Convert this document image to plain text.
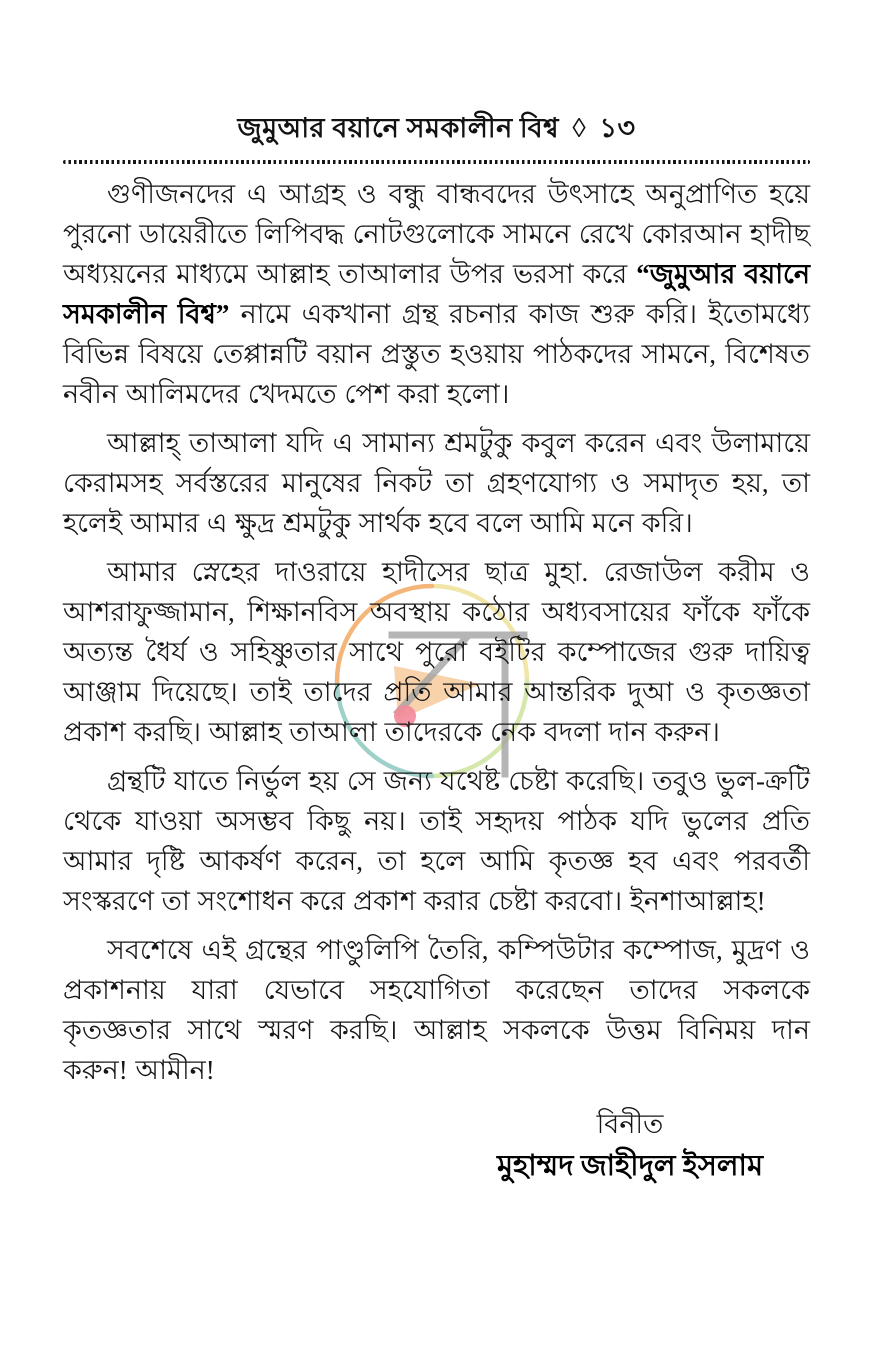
জুমুআর বয়ানে সমকালীন বিশ্ব ◊ ১৩

গুণীজনদের এ আগ্রহ ও বন্ধু বান্ধবদের উৎসাহে অনুপ্রাণিত হয়ে পুরনো ডায়েরীতে লিপিবদ্ধ নোটগুলোকে সামনে রেখে কোরআন হাদীছ অধ্যয়নের মাধ্যমে আল্লাহ তাআলার উপর ভরসা করে “জুমুআর বয়ানে সমকালীন বিশ্ব” নামে একখানা গ্রন্থ রচনার কাজ শুরু করি। ইতোমধ্যে বিভিন্ন বিষয়ে তেপ্পান্নটি বয়ান প্রস্তুত হওয়ায় পাঠকদের সামনে, বিশেষত নবীন আলিমদের খেদমতে পেশ করা হলো।

আল্লাহ্ তাআলা যদি এ সামান্য শ্রমটুকু কবুল করেন এবং উলামায়ে কেরামসহ সর্বস্তরের মানুষের নিকট তা গ্রহণযোগ্য ও সমাদৃত হয়, তা হলেই আমার এ ক্ষুদ্র শ্রমটুকু সার্থক হবে বলে আমি মনে করি।

আমার স্নেহের দাওরায়ে হাদীসের ছাত্র মুহা. রেজাউল করীম ও আশরাফুজ্জামান, শিক্ষানবিস অবস্থায় কঠোর অধ্যবসায়ের ফাঁকে ফাঁকে অত্যন্ত ধৈর্য ও সহিষ্ণুতার সাথে পুরো বইটির কম্পোজের গুরু দায়িত্ব আঞ্জাম দিয়েছে। তাই তাদের প্রতি আমার আন্তরিক দুআ ও কৃতজ্ঞতা প্রকাশ করছি। আল্লাহ তাআলা তাদেরকে নেক বদলা দান করুন।

গ্রন্থটি যাতে নির্ভুল হয় সে জন্য যথেষ্ট চেষ্টা করেছি। তবুও ভুল-ক্রটি থেকে যাওয়া অসম্ভব কিছু নয়। তাই সহৃদয় পাঠক যদি ভুলের প্রতি আমার দৃষ্টি আকর্ষণ করেন, তা হলে আমি কৃতজ্ঞ হব এবং পরবর্তী সংস্করণে তা সংশোধন করে প্রকাশ করার চেষ্টা করবো। ইনশাআল্লাহ!

সবশেষে এই গ্রন্থের পাণ্ডুলিপি তৈরি, কম্পিউটার কম্পোজ, মুদ্রণ ও প্রকাশনায় যারা যেভাবে সহযোগিতা করেছেন তাদের সকলকে কৃতজ্ঞতার সাথে স্মরণ করছি। আল্লাহ সকলকে উত্তম বিনিময় দান করুন! আমীন!

বিনীত
মুহাম্মদ জাহীদুল ইসলাম
